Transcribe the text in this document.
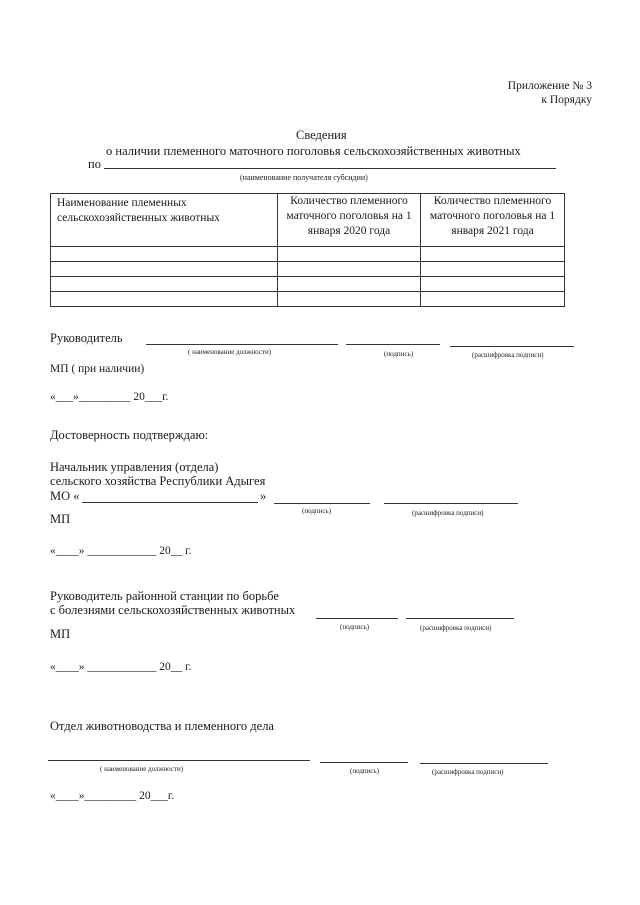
Приложение № 3
к Порядку
Сведения
о наличии племенного маточного поголовья сельскохозяйственных животных
по
(наименование получателя субсидии)
Наименование племенных сельскохозяйственных животных	Количество племенного маточного поголовья на 1 января 2020 года	Количество племенного маточного поголовья на 1 января 2021 года

Руководитель
( наименование должности)	(подпись)	(расшифровка подписи)
МП ( при наличии)
«___»_________ 20___г.
Достоверность подтверждаю:
Начальник управления (отдела)
сельского хозяйства Республики Адыгея
МО «	»
(подпись)	(расшифровка подписи)
МП
«____» ____________ 20__ г.
Руководитель районной станции по борьбе
с болезнями сельскохозяйственных животных
(подпись)	(расшифровка подписи)
МП
«____» ____________ 20__ г.
Отдел животноводства и племенного дела
( наименование должности)	(подпись)	(расшифровка подписи)
«____»_________ 20___г.
